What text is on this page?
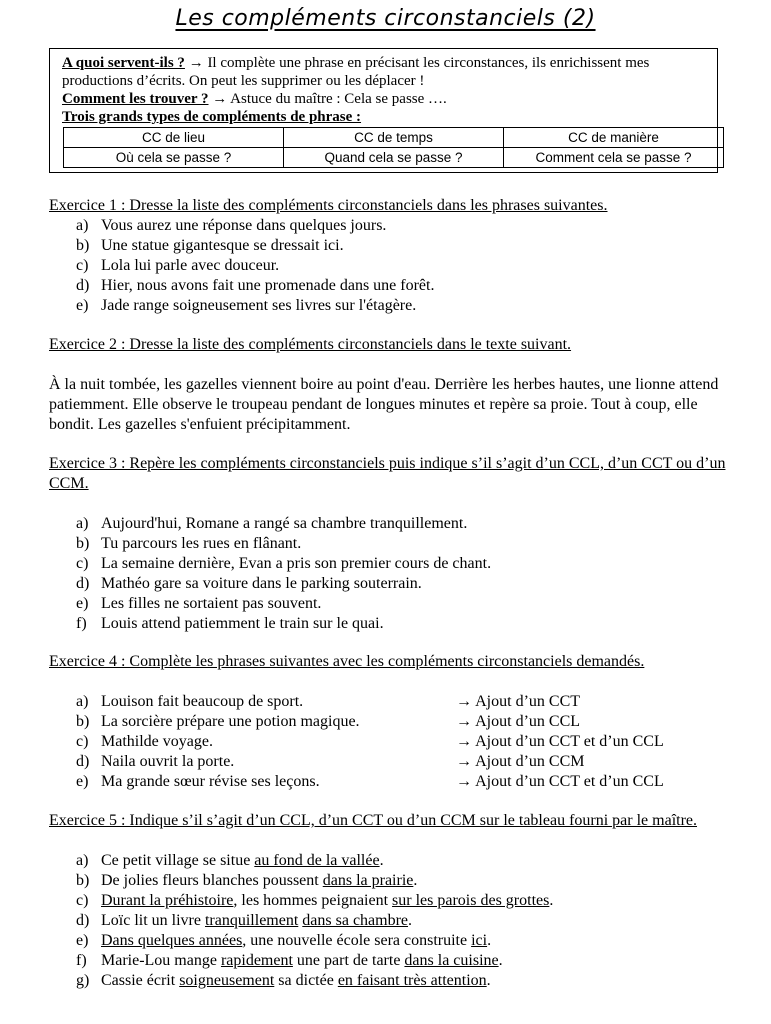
Les compléments circonstanciels (2)

A quoi servent-ils ? → Il complète une phrase en précisant les circonstances, ils enrichissent mes productions d’écrits. On peut les supprimer ou les déplacer !

Comment les trouver ? → Astuce du maître : Cela se passe ….

Trois grands types de compléments de phrase :

CC de lieu	CC de temps	CC de manière
Où cela se passe ?	Quand cela se passe ?	Comment cela se passe ?
Exercice 1 : Dresse la liste des compléments circonstanciels dans les phrases suivantes.
a) Vous aurez une réponse dans quelques jours.
b) Une statue gigantesque se dressait ici.
c) Lola lui parle avec douceur.
d) Hier, nous avons fait une promenade dans une forêt.
e) Jade range soigneusement ses livres sur l'étagère.
Exercice 2 : Dresse la liste des compléments circonstanciels dans le texte suivant.
À la nuit tombée, les gazelles viennent boire au point d'eau. Derrière les herbes hautes, une lionne attend patiemment. Elle observe le troupeau pendant de longues minutes et repère sa proie. Tout à coup, elle bondit. Les gazelles s'enfuient précipitamment.
Exercice 3 : Repère les compléments circonstanciels puis indique s’il s’agit d’un CCL, d’un CCT ou d’un CCM.
a) Aujourd'hui, Romane a rangé sa chambre tranquillement.
b) Tu parcours les rues en flânant.
c) La semaine dernière, Evan a pris son premier cours de chant.
d) Mathéo gare sa voiture dans le parking souterrain.
e) Les filles ne sortaient pas souvent.
f) Louis attend patiemment le train sur le quai.
Exercice 4 : Complète les phrases suivantes avec les compléments circonstanciels demandés.
a) Louison fait beaucoup de sport.	→ Ajout d’un CCT
b) La sorcière prépare une potion magique.	→ Ajout d’un CCL
c) Mathilde voyage.	→ Ajout d’un CCT et d’un CCL
d) Naila ouvrit la porte.	→ Ajout d’un CCM
e) Ma grande sœur révise ses leçons.	→ Ajout d’un CCT et d’un CCL
Exercice 5 : Indique s’il s’agit d’un CCL, d’un CCT ou d’un CCM sur le tableau fourni par le maître.
a) Ce petit village se situe au fond de la vallée.
b) De jolies fleurs blanches poussent dans la prairie.
c) Durant la préhistoire, les hommes peignaient sur les parois des grottes.
d) Loïc lit un livre tranquillement dans sa chambre.
e) Dans quelques années, une nouvelle école sera construite ici.
f) Marie-Lou mange rapidement une part de tarte dans la cuisine.
g) Cassie écrit soigneusement sa dictée en faisant très attention.
